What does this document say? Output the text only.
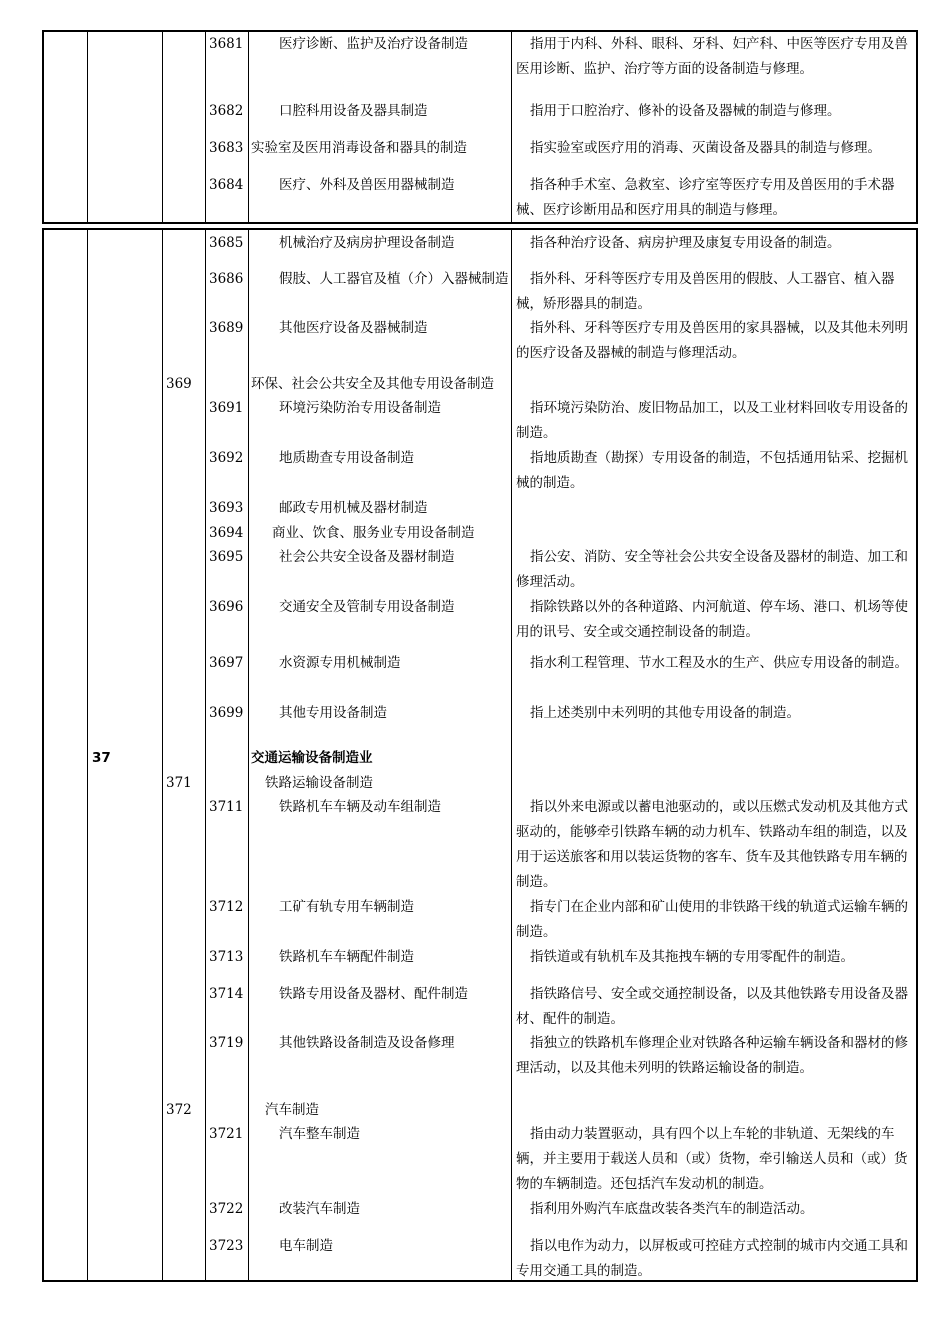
3681	医疗诊断、监护及治疗设备制造	指用于内科、外科、眼科、牙科、妇产科、中医等医疗专用及兽医用诊断、监护、治疗等方面的设备制造与修理。
3682	口腔科用设备及器具制造	指用于口腔治疗、修补的设备及器械的制造与修理。
3683 实验室及医用消毒设备和器具的制造	指实验室或医疗用的消毒、灭菌设备及器具的制造与修理。
3684	医疗、外科及兽医用器械制造	指各种手术室、急救室、诊疗室等医疗专用及兽医用的手术器械、医疗诊断用品和医疗用具的制造与修理。
3685	机械治疗及病房护理设备制造	指各种治疗设备、病房护理及康复专用设备的制造。
3686	假肢、人工器官及植（介）入器械制造	指外科、牙科等医疗专用及兽医用的假肢、人工器官、植入器械，矫形器具的制造。
3689	其他医疗设备及器械制造	指外科、牙科等医疗专用及兽医用的家具器械，以及其他未列明的医疗设备及器械的制造与修理活动。
369	环保、社会公共安全及其他专用设备制造
3691	环境污染防治专用设备制造	指环境污染防治、废旧物品加工，以及工业材料回收专用设备的制造。
3692	地质勘查专用设备制造	指地质勘查（勘探）专用设备的制造，不包括通用钻采、挖掘机械的制造。
3693	邮政专用机械及器材制造
3694	商业、饮食、服务业专用设备制造
3695	社会公共安全设备及器材制造	指公安、消防、安全等社会公共安全设备及器材的制造、加工和修理活动。
3696	交通安全及管制专用设备制造	指除铁路以外的各种道路、内河航道、停车场、港口、机场等使用的讯号、安全或交通控制设备的制造。
3697	水资源专用机械制造	指水利工程管理、节水工程及水的生产、供应专用设备的制造。
3699	其他专用设备制造	指上述类别中未列明的其他专用设备的制造。
37	交通运输设备制造业
371	铁路运输设备制造
3711	铁路机车车辆及动车组制造	指以外来电源或以蓄电池驱动的，或以压燃式发动机及其他方式驱动的，能够牵引铁路车辆的动力机车、铁路动车组的制造，以及用于运送旅客和用以装运货物的客车、货车及其他铁路专用车辆的制造。
3712	工矿有轨专用车辆制造	指专门在企业内部和矿山使用的非铁路干线的轨道式运输车辆的制造。
3713	铁路机车车辆配件制造	指铁道或有轨机车及其拖拽车辆的专用零配件的制造。
3714	铁路专用设备及器材、配件制造	指铁路信号、安全或交通控制设备，以及其他铁路专用设备及器材、配件的制造。
3719	其他铁路设备制造及设备修理	指独立的铁路机车修理企业对铁路各种运输车辆设备和器材的修理活动，以及其他未列明的铁路运输设备的制造。
372	汽车制造
3721	汽车整车制造	指由动力装置驱动，具有四个以上车轮的非轨道、无架线的车辆，并主要用于载送人员和（或）货物，牵引输送人员和（或）货物的车辆制造。还包括汽车发动机的制造。
3722	改装汽车制造	指利用外购汽车底盘改装各类汽车的制造活动。
3723	电车制造	指以电作为动力，以屏板或可控硅方式控制的城市内交通工具和专用交通工具的制造。
